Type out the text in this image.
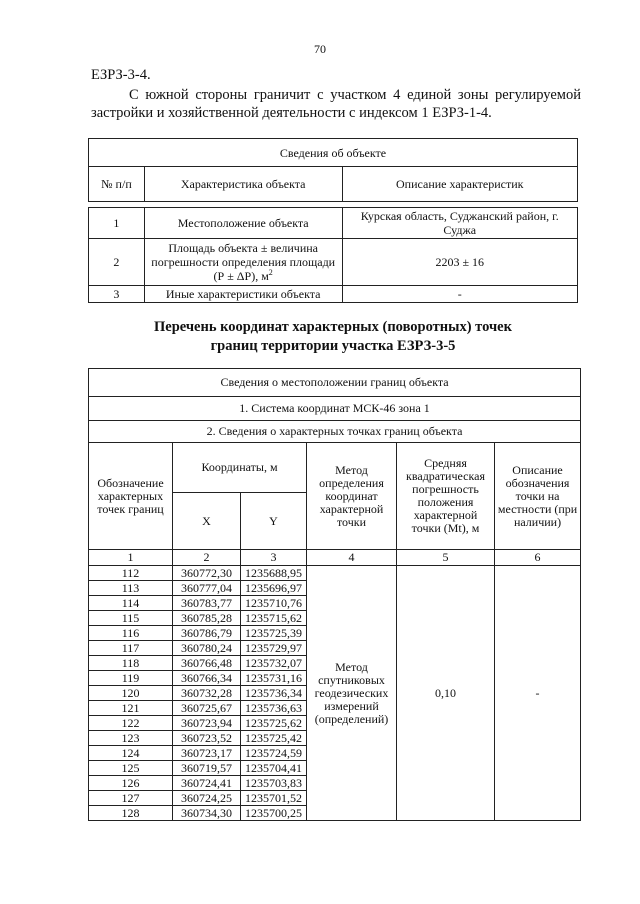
70
ЕЗРЗ-3-4.
С южной стороны граничит с участком 4 единой зоны регулируемой застройки и хозяйственной деятельности с индексом 1 ЕЗРЗ-1-4.
Сведения об объекте		
№ п/п	Характеристика объекта	Описание характеристик

1	Местоположение объекта	Курская область, Суджанский район, г. Суджа
2	Площадь объекта ± величина погрешности определения площади (Р ± ΔР), $м^2$	2203 ± 16
3	Иные характеристики объекта	-
Перечень координат характерных (поворотных) точек
границ территории участка ЕЗРЗ-3-5
Сведения о местоположении границ объекта					
1. Система координат МСК-46 зона 1					
2. Сведения о характерных точках границ объекта					
Обозначение характерных точек границ	Координаты, м		Метод определения координат характерной точки	Средняя квадратическая погрешность положения характерной точки (Mt), м	Описание обозначения точки на местности (при наличии)
	X	Y			
1	2	3	4	5	6
112	360772,30	1235688,95	Метод спутниковых геодезических измерений (определений)	0,10	-
113	360777,04	1235696,97			
114	360783,77	1235710,76			
115	360785,28	1235715,62			
116	360786,79	1235725,39			
117	360780,24	1235729,97			
118	360766,48	1235732,07			
119	360766,34	1235731,16			
120	360732,28	1235736,34			
121	360725,67	1235736,63			
122	360723,94	1235725,62			
123	360723,52	1235725,42			
124	360723,17	1235724,59			
125	360719,57	1235704,41			
126	360724,41	1235703,83			
127	360724,25	1235701,52			
128	360734,30	1235700,25			
